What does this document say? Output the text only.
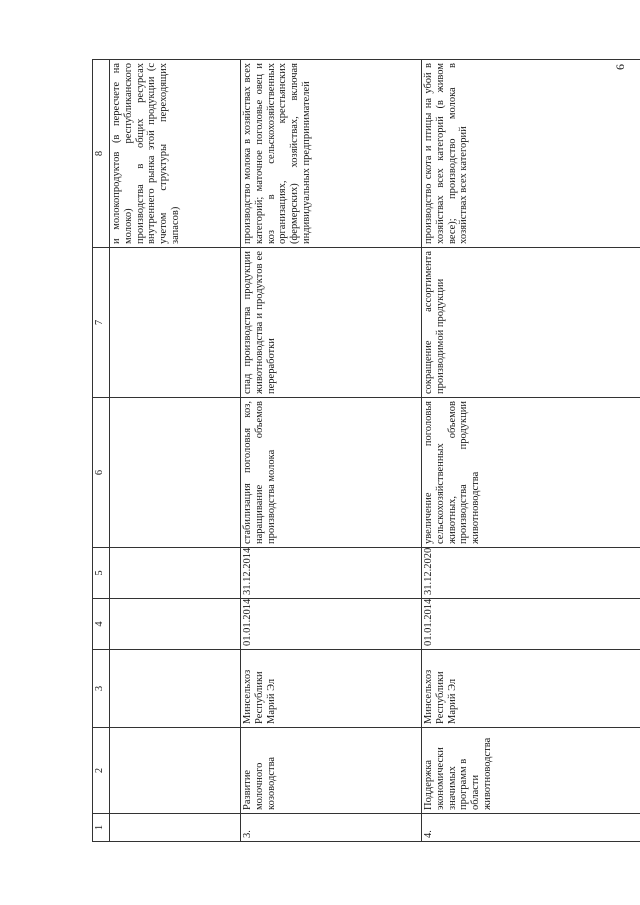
6
1	2	3	4	5	6	7	8
							и молокопродуктов (в пересчете на молоко) республиканского производства в общих ресурсах внутреннего рынка этой продукции (с учетом структуры переходящих запасов)
3.	Развитие молочного козоводства	Минсельхоз Республики Марий Эл	01.01.2014	31.12.2014	стабилизация поголовья коз, наращивание объемов производства молока	спад производства продукции животноводства и продуктов ее переработки	производство молока в хозяйствах всех категорий; маточное поголовье овец и коз в сельскохозяйственных организациях, крестьянских (фермерских) хозяйствах, включая индивидуальных предпринимателей
4.	Поддержка экономически значимых программ в области животноводства	Минсельхоз Республики Марий Эл	01.01.2014	31.12.2020	увеличение поголовья сельскохозяйственных животных, объемов производства продукции животноводства	сокращение ассортимента производимой продукции	производство скота и птицы на убой в хозяйствах всех категорий (в живом весе); производство молока в хозяйствах всех категорий
